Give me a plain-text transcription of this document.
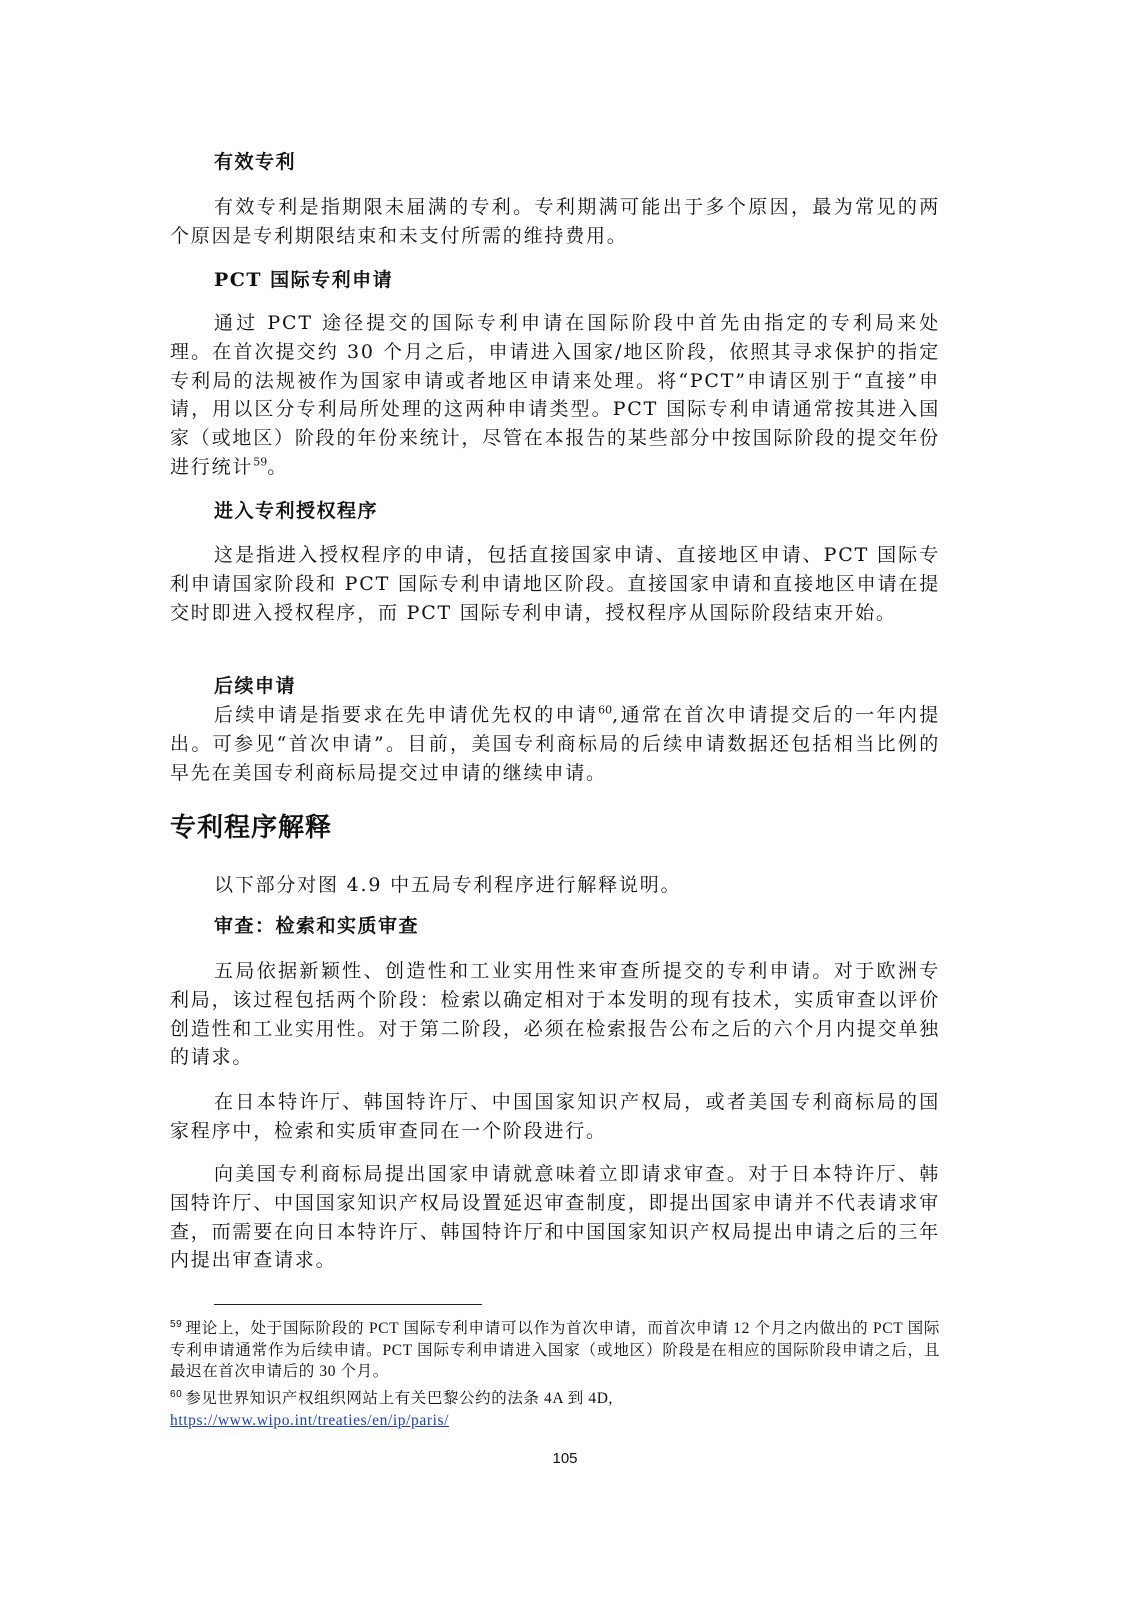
有效专利
有效专利是指期限未届满的专利。专利期满可能出于多个原因，最为常见的两个原因是专利期限结束和未支付所需的维持费用。
PCT 国际专利申请
通过 PCT 途径提交的国际专利申请在国际阶段中首先由指定的专利局来处理。在首次提交约 30 个月之后，申请进入国家/地区阶段，依照其寻求保护的指定专利局的法规被作为国家申请或者地区申请来处理。将“PCT”申请区别于“直接”申请，用以区分专利局所处理的这两种申请类型。PCT 国际专利申请通常按其进入国家（或地区）阶段的年份来统计，尽管在本报告的某些部分中按国际阶段的提交年份进行统计$^{59}$。
进入专利授权程序
这是指进入授权程序的申请，包括直接国家申请、直接地区申请、PCT 国际专利申请国家阶段和 PCT 国际专利申请地区阶段。直接国家申请和直接地区申请在提交时即进入授权程序，而 PCT 国际专利申请，授权程序从国际阶段结束开始。
后续申请
后续申请是指要求在先申请优先权的申请$^{60}$,通常在首次申请提交后的一年内提出。可参见“首次申请”。目前，美国专利商标局的后续申请数据还包括相当比例的早先在美国专利商标局提交过申请的继续申请。
专利程序解释
以下部分对图 4.9 中五局专利程序进行解释说明。
审查：检索和实质审查
五局依据新颖性、创造性和工业实用性来审查所提交的专利申请。对于欧洲专利局，该过程包括两个阶段：检索以确定相对于本发明的现有技术，实质审查以评价创造性和工业实用性。对于第二阶段，必须在检索报告公布之后的六个月内提交单独的请求。
在日本特许厅、韩国特许厅、中国国家知识产权局，或者美国专利商标局的国家程序中，检索和实质审查同在一个阶段进行。
向美国专利商标局提出国家申请就意味着立即请求审查。对于日本特许厅、韩国特许厅、中国国家知识产权局设置延迟审查制度，即提出国家申请并不代表请求审查，而需要在向日本特许厅、韩国特许厅和中国国家知识产权局提出申请之后的三年内提出审查请求。
$^{59}$ 理论上，处于国际阶段的 PCT 国际专利申请可以作为首次申请，而首次申请 12 个月之内做出的 PCT 国际专利申请通常作为后续申请。PCT 国际专利申请进入国家（或地区）阶段是在相应的国际阶段申请之后，且最迟在首次申请后的 30 个月。
$^{60}$ 参见世界知识产权组织网站上有关巴黎公约的法条 4A 到 4D,
https://www.wipo.int/treaties/en/ip/paris/
105
